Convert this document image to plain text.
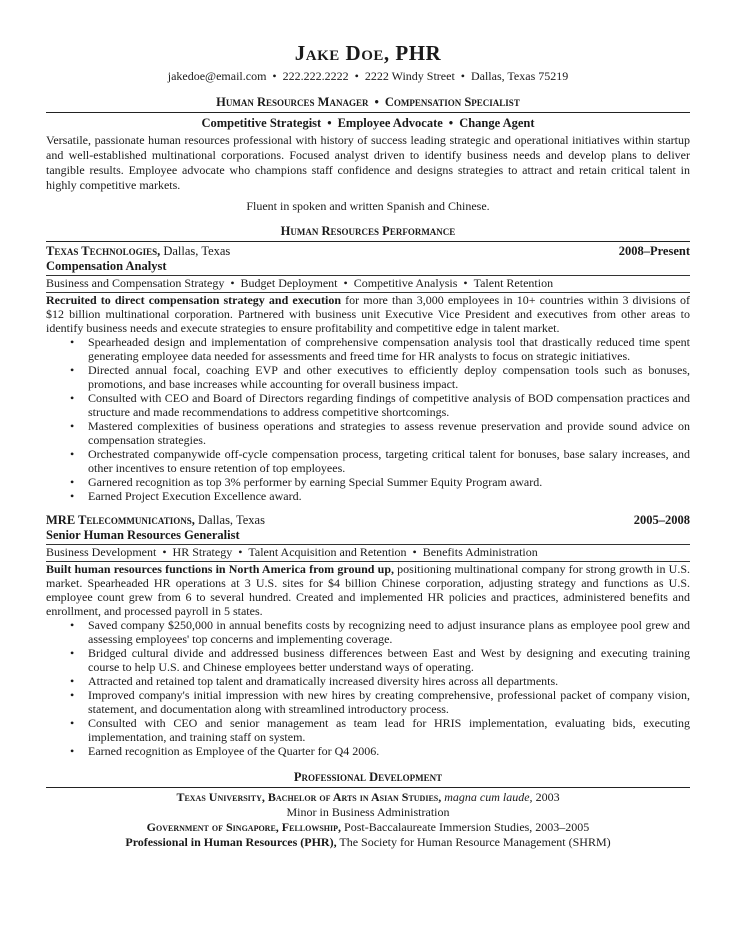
Jake Doe, PHR
jakedoe@email.com • 222.222.2222 • 2222 Windy Street • Dallas, Texas 75219
Human Resources Manager • Compensation Specialist
Competitive Strategist • Employee Advocate • Change Agent
Versatile, passionate human resources professional with history of success leading strategic and operational initiatives within startup and well-established multinational corporations. Focused analyst driven to identify business needs and develop plans to deliver tangible results. Employee advocate who champions staff confidence and designs strategies to attract and retain critical talent in highly competitive markets.
Fluent in spoken and written Spanish and Chinese.
Human Resources Performance
Texas Technologies, Dallas, Texas	2008–Present
Compensation Analyst
Business and Compensation Strategy • Budget Deployment • Competitive Analysis • Talent Retention
Recruited to direct compensation strategy and execution for more than 3,000 employees in 10+ countries within 3 divisions of $12 billion multinational corporation. Partnered with business unit Executive Vice President and executives from other areas to identify business needs and execute strategies to ensure profitability and competitive edge in talent market.
• Spearheaded design and implementation of comprehensive compensation analysis tool that drastically reduced time spent generating employee data needed for assessments and freed time for HR analysts to focus on strategic initiatives.
• Directed annual focal, coaching EVP and other executives to efficiently deploy compensation tools such as bonuses, promotions, and base increases while accounting for overall business impact.
• Consulted with CEO and Board of Directors regarding findings of competitive analysis of BOD compensation practices and structure and made recommendations to address competitive shortcomings.
• Mastered complexities of business operations and strategies to assess revenue preservation and provide sound advice on compensation strategies.
• Orchestrated companywide off-cycle compensation process, targeting critical talent for bonuses, base salary increases, and other incentives to ensure retention of top employees.
• Garnered recognition as top 3% performer by earning Special Summer Equity Program award.
• Earned Project Execution Excellence award.
MRE Telecommunications, Dallas, Texas	2005–2008
Senior Human Resources Generalist
Business Development • HR Strategy • Talent Acquisition and Retention • Benefits Administration
Built human resources functions in North America from ground up, positioning multinational company for strong growth in U.S. market. Spearheaded HR operations at 3 U.S. sites for $4 billion Chinese corporation, adjusting strategy and functions as U.S. employee count grew from 6 to several hundred. Created and implemented HR policies and practices, administered benefits and enrollment, and processed payroll in 5 states.
• Saved company $250,000 in annual benefits costs by recognizing need to adjust insurance plans as employee pool grew and assessing employees' top concerns and implementing coverage.
• Bridged cultural divide and addressed business differences between East and West by designing and executing training course to help U.S. and Chinese employees better understand ways of operating.
• Attracted and retained top talent and dramatically increased diversity hires across all departments.
• Improved company's initial impression with new hires by creating comprehensive, professional packet of company vision, statement, and documentation along with streamlined introductory process.
• Consulted with CEO and senior management as team lead for HRIS implementation, evaluating bids, executing implementation, and training staff on system.
• Earned recognition as Employee of the Quarter for Q4 2006.
Professional Development
Texas University, Bachelor of Arts in Asian Studies, magna cum laude, 2003
Minor in Business Administration
Government of Singapore, Fellowship, Post-Baccalaureate Immersion Studies, 2003–2005
Professional in Human Resources (PHR), The Society for Human Resource Management (SHRM)
